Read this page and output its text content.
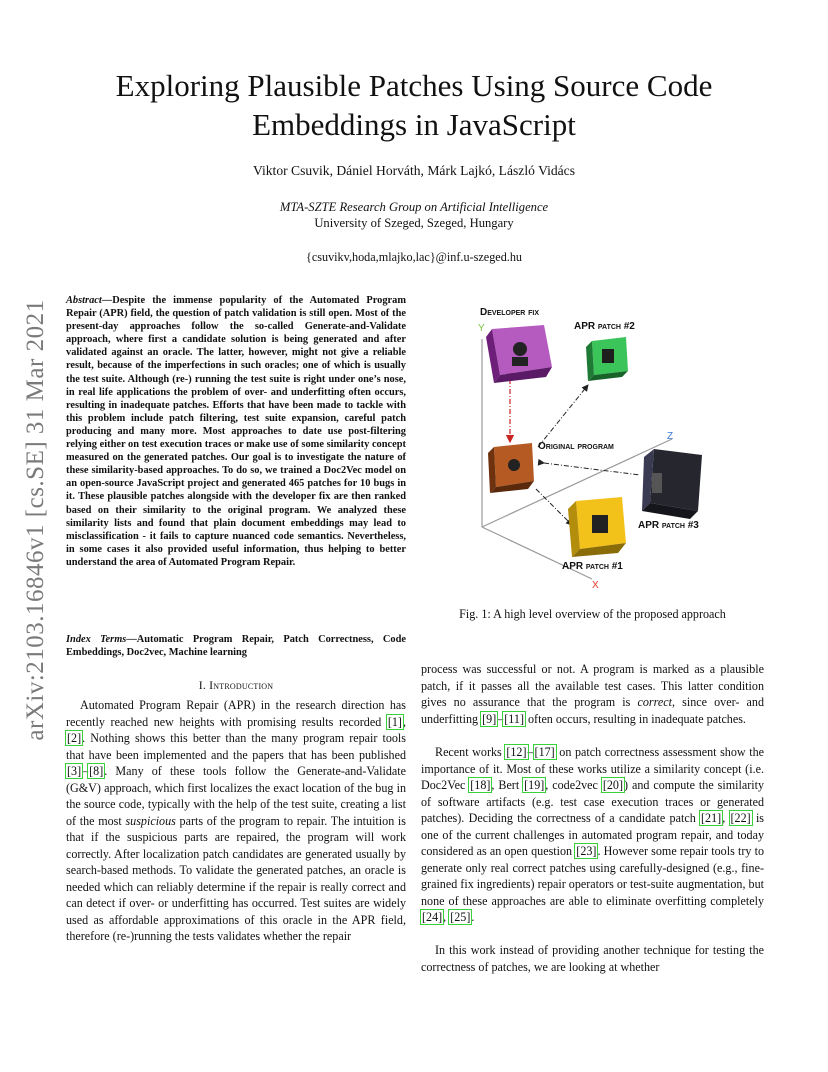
arXiv:2103.16846v1 [cs.SE] 31 Mar 2021
Exploring Plausible Patches Using Source Code
Embeddings in JavaScript
Viktor Csuvik, Dániel Horváth, Márk Lajkó, László Vidács
MTA-SZTE Research Group on Artificial Intelligence
University of Szeged, Szeged, Hungary
{csuvikv,hoda,mlajko,lac}@inf.u-szeged.hu
Abstract—Despite the immense popularity of the Automated Program Repair (APR) field, the question of patch validation is still open. Most of the present-day approaches follow the so-called Generate-and-Validate approach, where first a candidate solution is being generated and after validated against an oracle. The latter, however, might not give a reliable result, because of the imperfections in such oracles; one of which is usually the test suite. Although (re-) running the test suite is right under one’s nose, in real life applications the problem of over- and underfitting often occurs, resulting in inadequate patches. Efforts that have been made to tackle with this problem include patch filtering, test suite expansion, careful patch producing and many more. Most approaches to date use post-filtering relying either on test execution traces or make use of some similarity concept measured on the generated patches. Our goal is to investigate the nature of these similarity-based approaches. To do so, we trained a Doc2Vec model on an open-source JavaScript project and generated 465 patches for 10 bugs in it. These plausible patches alongside with the developer fix are then ranked based on their similarity to the original program. We analyzed these similarity lists and found that plain document embeddings may lead to misclassification - it fails to capture nuanced code semantics. Nevertheless, in some cases it also provided useful information, thus helping to better understand the area of Automated Program Repair.
Index Terms—Automatic Program Repair, Patch Correctness, Code Embeddings, Doc2vec, Machine learning
I. Introduction

Automated Program Repair (APR) in the research direction has recently reached new heights with promising results recorded [1], [2]. Nothing shows this better than the many program repair tools that have been implemented and the papers that has been published [3]–[8]. Many of these tools follow the Generate-and-Validate (G&V) approach, which first localizes the exact location of the bug in the source code, typically with the help of the test suite, creating a list of the most suspicious parts of the program to repair. The intuition is that if the suspicious parts are repaired, the program will work correctly. After localization patch candidates are generated usually by search-based methods. To validate the generated patches, an oracle is needed which can reliably determine if the repair is really correct and can detect if over- or underfitting has occurred. Test suites are widely used as affordable approximations of this oracle in the APR field, therefore (re-)running the tests validates whether the repair

Y
Z
X
Developer fix
APR patch #2
Original program
APR patch #3
APR patch #1
Fig. 1: A high level overview of the proposed approach

process was successful or not. A program is marked as a plausible patch, if it passes all the available test cases. This latter condition gives no assurance that the program is correct, since over- and underfitting [9]–[11] often occurs, resulting in inadequate patches.

Recent works [12]–[17] on patch correctness assessment show the importance of it. Most of these works utilize a similarity concept (i.e. Doc2Vec [18], Bert [19], code2vec [20]) and compute the similarity of software artifacts (e.g. test case execution traces or generated patches). Deciding the correctness of a candidate patch [21], [22] is one of the current challenges in automated program repair, and today considered as an open question [23]. However some repair tools try to generate only real correct patches using carefully-designed (e.g., fine-grained fix ingredients) repair operators or test-suite augmentation, but none of these approaches are able to eliminate overfitting completely [24], [25].

In this work instead of providing another technique for testing the correctness of patches, we are looking at whether
